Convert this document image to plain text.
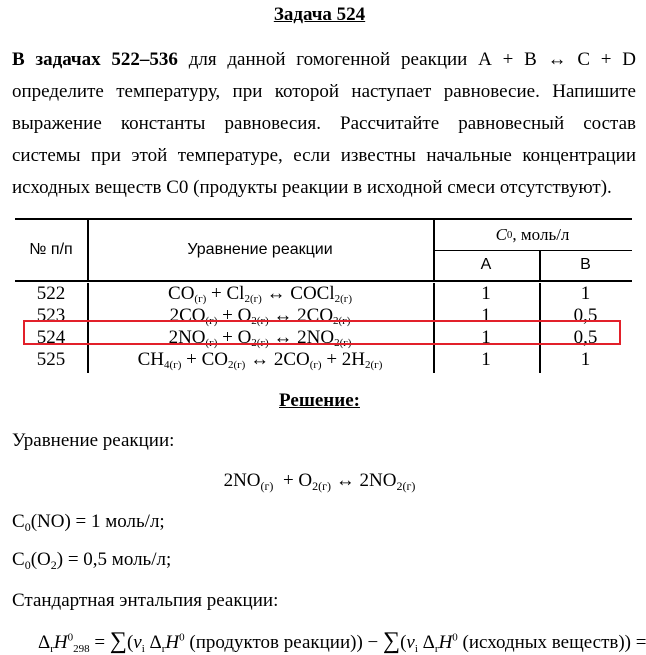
Задача 524
В задачах 522–536 для данной гомогенной реакции А + В ↔ С + D определите температуру, при которой наступает равновесие. Напишите выражение константы равновесия. Рассчитайте равновесный состав системы при этой температуре, если известны начальные концентрации исходных веществ С0 (продукты реакции в исходной смеси отсутствуют).
№ п/п	Уравнение реакции
C 0 , моль/л
А	В
522	$CO_{(г)} + Cl_{2(г)}$ ↔ COCl$_{2(г)}$	1	1
523	$2CO_{(г)} + O_{2(г)}$ ↔ $2CO_{2(г)}$	1	0,5
524	$2NO_{(г)} + O_{2(г)}$ ↔ $2NO_{2(г)}$	1	0,5
525	$CH_{4(г)} + CO_{2(г)}$ ↔ $2CO_{(г)} + 2H_{2(г)}$	1	1
Решение:
Уравнение реакции:
$2NO_{(г)} + O_{2(г)}$ ↔ $2NO_{2(г)}$
$C_0(NO) = 1$ моль/л;
$C_0(O_2) = 0,5$ моль/л;
Стандартная энтальпия реакции:
$\Delta_rH^0_{298} = \sum(\nu_i$ $\Delta_rH^0$ (продуктов реакции)) − $\sum(\nu_i$ $\Delta_rH^0$ (исходных веществ)) =
